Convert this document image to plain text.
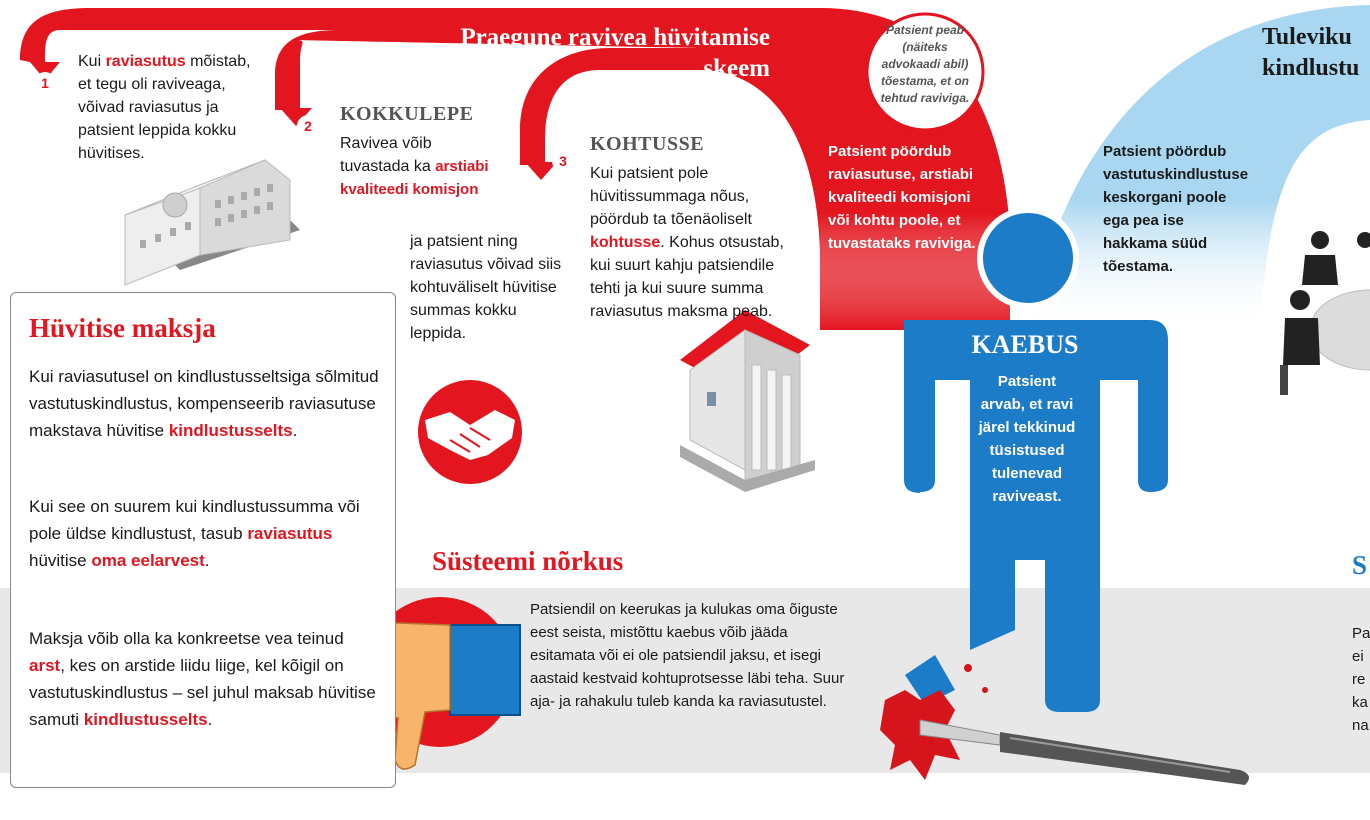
Praegune ravivea hüvitamise
skeem
Tuleviku
kindlustu
1
Kui raviasutus mõistab, et tegu oli raviveaga, võivad raviasutus ja patsient leppida kokku hüvitises.
2
KOKKULEPE
Ravivea võib tuvastada ka arstiabi kvaliteedi komisjon
ja patsient ning raviasutus võivad siis kohtuväliselt hüvitise summas kokku leppida.
3
KOHTUSSE
Kui patsient pole hüvitissummaga nõus, pöördub ta tõenäoliselt kohtusse. Kohus otsustab, kui suurt kahju patsiendile tehti ja kui suure summa raviasutus maksma peab.
Patsient peab (näiteks advokaadi abil) tõestama, et on tehtud raviviga.
Patsient pöördub raviasutuse, arstiabi kvaliteedi komisjoni või kohtu poole, et tuvastataks raviviga.
Patsient pöördub vastutuskindlustuse keskorgani poole ega pea ise hakkama süüd tõestama.
KAEBUS
Patsient arvab, et ravi järel tekkinud tüsistused tulenevad raviveast.
Hüvitise maksja

Kui raviasutusel on kindlustusseltsiga sõlmitud vastutuskindlustus, kompenseerib raviasutuse makstava hüvitise kindlustusselts.

Kui see on suurem kui kindlustussumma või pole üldse kindlustust, tasub raviasutus hüvitise oma eelarvest.

Maksja võib olla ka konkreetse vea teinud arst, kes on arstide liidu liige, kel kõigil on vastutuskindlustus – sel juhul maksab hüvitise samuti kindlustusselts.

Süsteemi nõrkus
Patsiendil on keerukas ja kulukas oma õiguste eest seista, mistõttu kaebus võib jääda esitamata või ei ole patsiendil jaksu, et isegi aastaid kestvaid kohtuprotsesse läbi teha. Suur aja- ja rahakulu tuleb kanda ka raviasutustel.
S
Pa
ei
re
ka
na
